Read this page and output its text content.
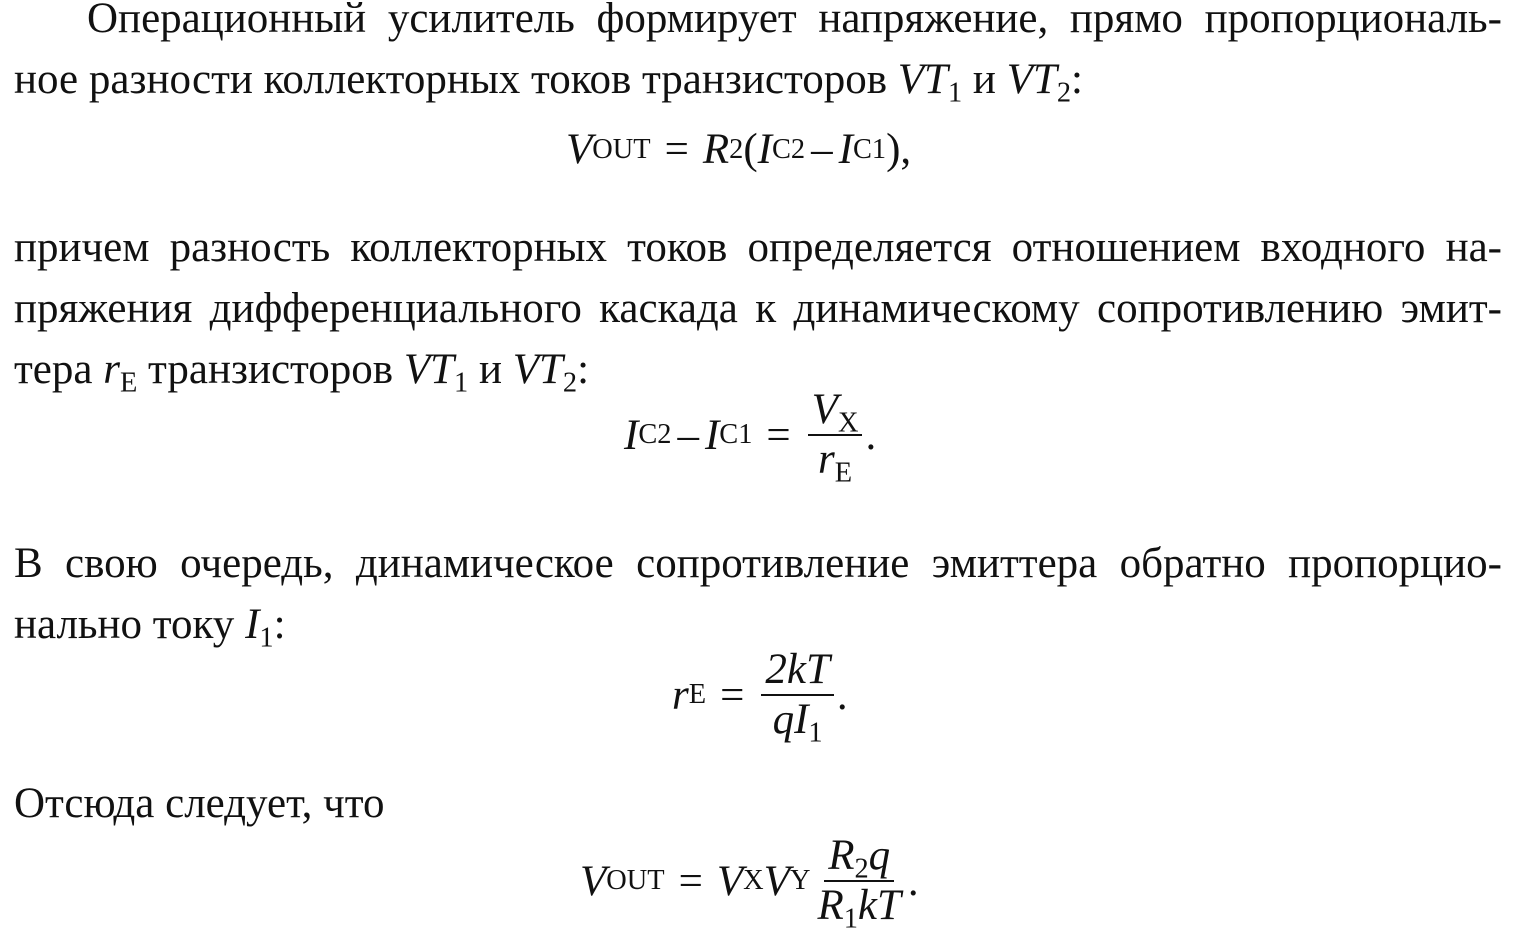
Операционный усилитель формирует напряжение, прямо пропорциональ-
ное разности коллекторных токов транзисторов $VT_1$ и $VT_2$:
V OUT = R 2 ( I C2 – I C1 ),
причем разность коллекторных токов определяется отношением входного на-
пряжения дифференциального каскада к динамическому сопротивлению эмит-
тера $r_E$ транзисторов $VT_1$ и $VT_2$:
I C2 – I $C1 = \frac{V_X}{r_E}$ .
В свою очередь, динамическое сопротивление эмиттера обратно пропорцио-
нально току $I_1$:
r $E = \frac{2kT}{qI_1}$ .
Отсюда следует, что
V OUT = V X V Y $\frac{R_2q}{R_1kT}$ .
